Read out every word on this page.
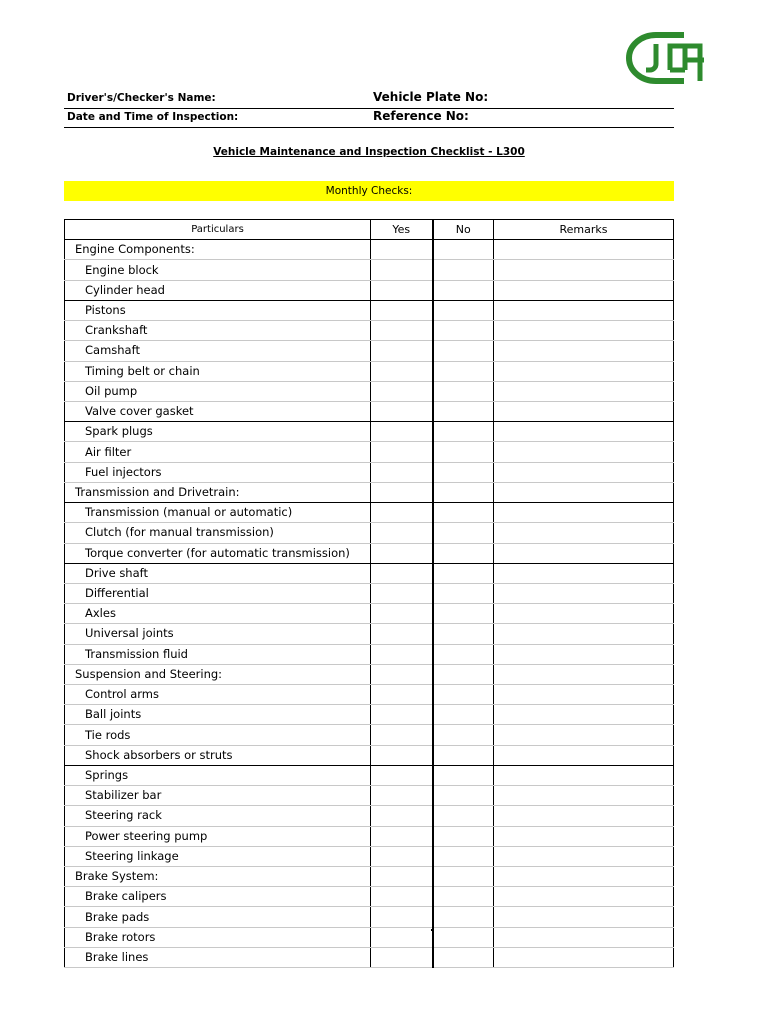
Driver's/Checker's Name:	Vehicle Plate No:
Date and Time of Inspection:	Reference No:
Vehicle Maintenance and Inspection Checklist - L300
Monthly Checks:
Particulars	Yes	No	Remarks
Engine Components:			
Engine block			
Cylinder head			
Pistons			
Crankshaft			
Camshaft			
Timing belt or chain			
Oil pump			
Valve cover gasket			
Spark plugs			
Air filter			
Fuel injectors			
Transmission and Drivetrain:			
Transmission (manual or automatic)			
Clutch (for manual transmission)			
Torque converter (for automatic transmission)			
Drive shaft			
Differential			
Axles			
Universal joints			
Transmission fluid			
Suspension and Steering:			
Control arms			
Ball joints			
Tie rods			
Shock absorbers or struts			
Springs			
Stabilizer bar			
Steering rack			
Power steering pump			
Steering linkage			
Brake System:			
Brake calipers			
Brake pads			
Brake rotors			
Brake lines			
